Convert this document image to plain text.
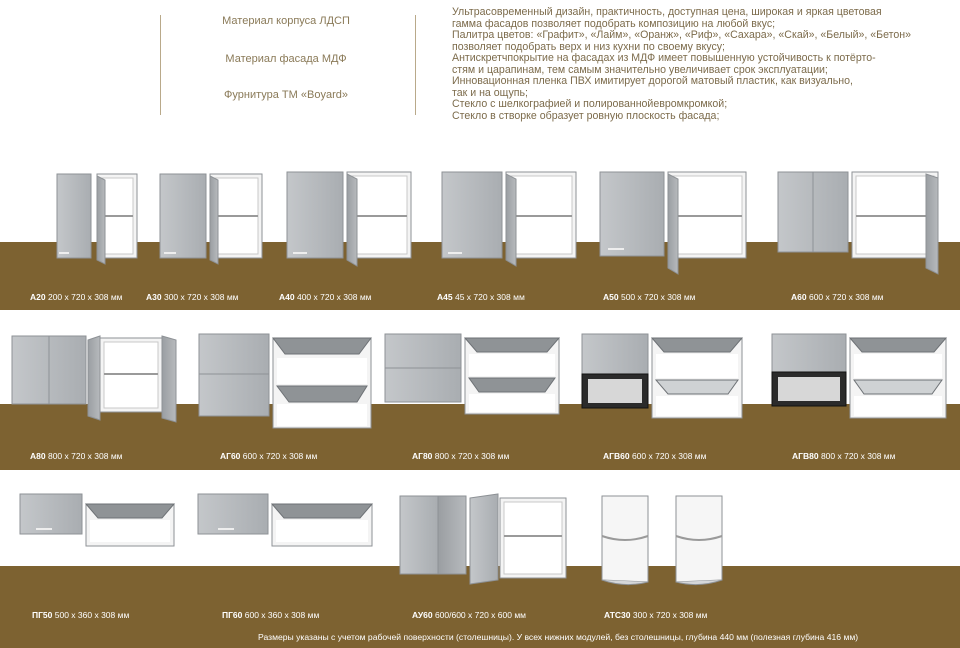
Материал корпуса ЛДСП
Материал фасада МДФ
Фурнитура ТМ «Boyard»
Ультрасовременный дизайн, практичность, доступная цена, широкая и яркая цветовая
гамма фасадов позволяет подобрать композицию на любой вкус;
Палитра цветов: «Графит», «Лайм», «Оранж», «Риф», «Сахара», «Скай», «Белый», «Бетон»
позволяет подобрать верх и низ кухни по своему вкусу;
Антискретчпокрытие на фасадах из МДФ имеет повышенную устойчивость к потёрто-
стям и царапинам, тем самым значительно увеличивает срок эксплуатации;
Инновационная пленка ПВХ имитирует дорогой матовый пластик, как визуально,
так и на ощупь;
Стекло с шелкографией и полированнойевромкромкой;
Стекло в створке образует ровную плоскость фасада;
А20 200 х 720 х 308 мм	А30 300 х 720 х 308 мм	А40 400 х 720 х 308 мм	А45 45 х 720 х 308 мм	А50 500 х 720 х 308 мм	А60 600 х 720 х 308 мм
А80 800 х 720 х 308 мм	АГ60 600 х 720 х 308 мм	АГ80 800 х 720 х 308 мм	АГВ60 600 х 720 х 308 мм	АГВ80 800 х 720 х 308 мм
ПГ50 500 х 360 х 308 мм	ПГ60 600 х 360 х 308 мм	АУ60 600/600 х 720 х 600 мм	АТС30 300 х 720 х 308 мм
Размеры указаны с учетом рабочей поверхности (столешницы). У всех нижних модулей, без столешницы, глубина 440 мм (полезная глубина 416 мм)
